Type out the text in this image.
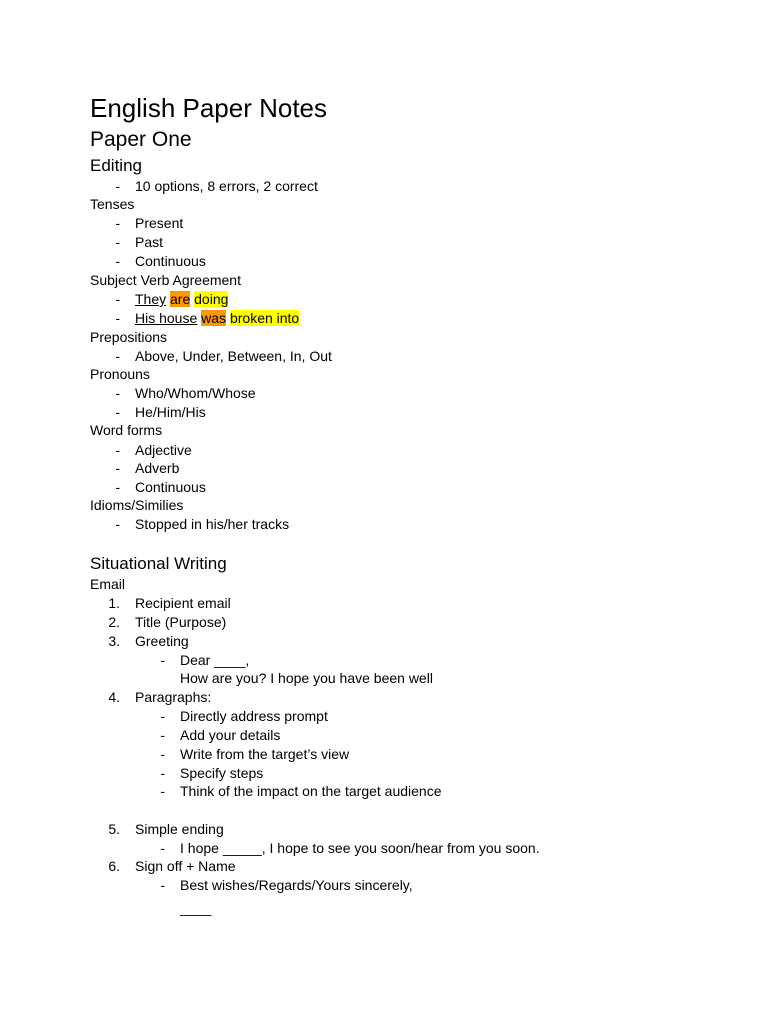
English Paper Notes
Paper One
Editing
- 10 options, 8 errors, 2 correct
Tenses
- Present
- Past
- Continuous
Subject Verb Agreement
- They are doing
- His house was broken into
Prepositions
- Above, Under, Between, In, Out
Pronouns
- Who/Whom/Whose
- He/Him/His
Word forms
- Adjective
- Adverb
- Continuous
Idioms/Similies
- Stopped in his/her tracks
Situational Writing
Email
1. Recipient email
2. Title (Purpose)
3. Greeting
- Dear ____,
How are you? I hope you have been well
4. Paragraphs:
- Directly address prompt
- Add your details
- Write from the target’s view
- Specify steps
- Think of the impact on the target audience
5. Simple ending
- I hope _____, I hope to see you soon/hear from you soon.
6. Sign off + Name
- Best wishes/Regards/Yours sincerely,
____
